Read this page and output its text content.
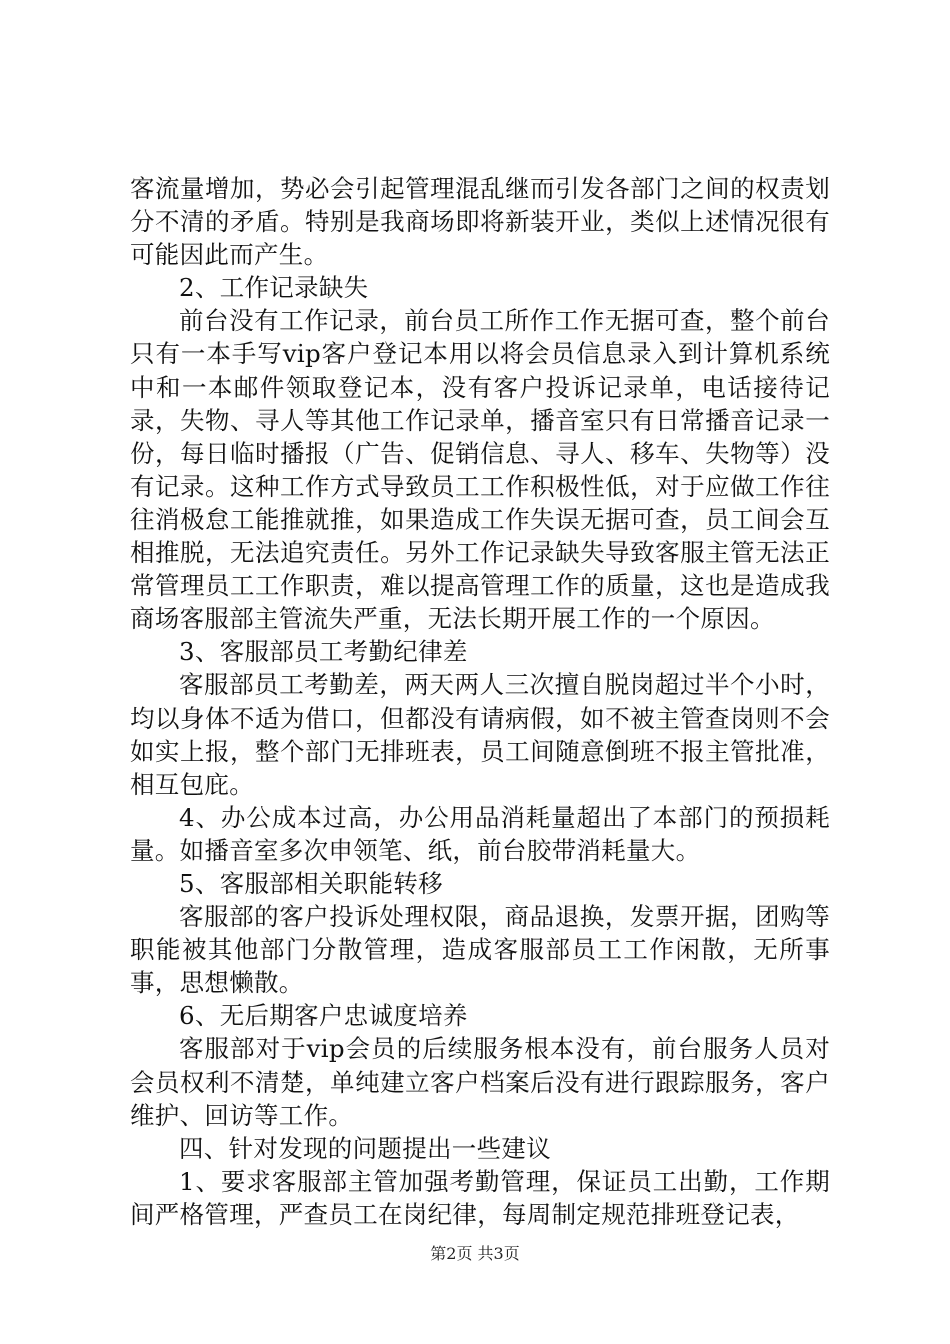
客流量增加，势必会引起管理混乱继而引发各部门之间的权责划分不清的矛盾。特别是我商场即将新装开业，类似上述情况很有可能因此而产生。

2、工作记录缺失

前台没有工作记录，前台员工所作工作无据可查，整个前台只有一本手写vip客户登记本用以将会员信息录入到计算机系统中和一本邮件领取登记本，没有客户投诉记录单，电话接待记录，失物、寻人等其他工作记录单，播音室只有日常播音记录一份，每日临时播报（广告、促销信息、寻人、移车、失物等）没有记录。这种工作方式导致员工工作积极性低，对于应做工作往往消极怠工能推就推，如果造成工作失误无据可查，员工间会互相推脱，无法追究责任。另外工作记录缺失导致客服主管无法正常管理员工工作职责，难以提高管理工作的质量，这也是造成我商场客服部主管流失严重，无法长期开展工作的一个原因。

3、客服部员工考勤纪律差

客服部员工考勤差，两天两人三次擅自脱岗超过半个小时，均以身体不适为借口，但都没有请病假，如不被主管查岗则不会如实上报，整个部门无排班表，员工间随意倒班不报主管批准，相互包庇。

4、办公成本过高，办公用品消耗量超出了本部门的预损耗量。如播音室多次申领笔、纸，前台胶带消耗量大。

5、客服部相关职能转移

客服部的客户投诉处理权限，商品退换，发票开据，团购等职能被其他部门分散管理，造成客服部员工工作闲散，无所事事，思想懒散。

6、无后期客户忠诚度培养

客服部对于vip会员的后续服务根本没有，前台服务人员对会员权利不清楚，单纯建立客户档案后没有进行跟踪服务，客户维护、回访等工作。

四、针对发现的问题提出一些建议

1、要求客服部主管加强考勤管理，保证员工出勤，工作期间严格管理，严查员工在岗纪律，每周制定规范排班登记表，

第2页 共3页
